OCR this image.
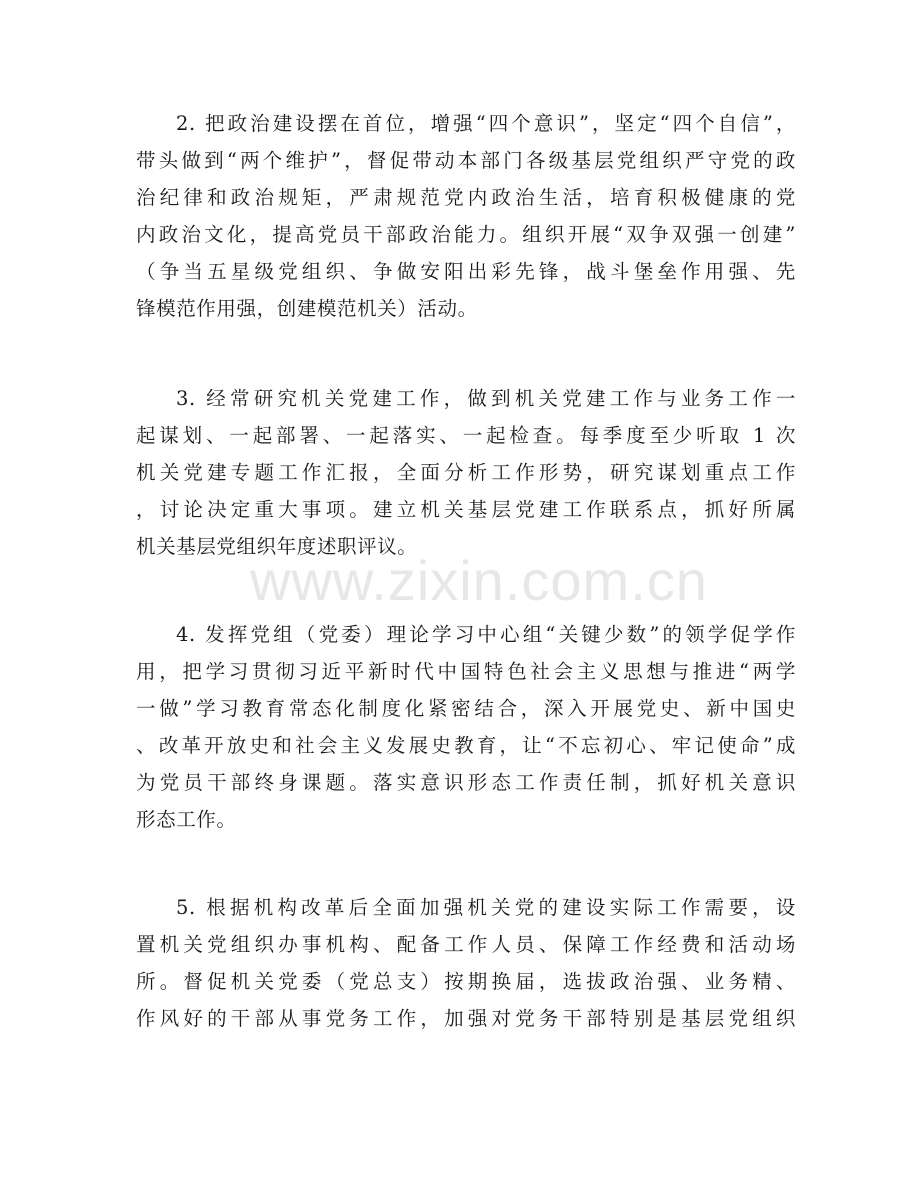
www.zixin.com.cn
2. 把政治建设摆在首位，增强“四个意识”，坚定“四个自信”，
带头做到“两个维护”，督促带动本部门各级基层党组织严守党的政
治纪律和政治规矩，严肃规范党内政治生活，培育积极健康的党
内政治文化，提高党员干部政治能力。组织开展“双争双强一创建”
（争当五星级党组织、争做安阳出彩先锋，战斗堡垒作用强、先
锋模范作用强，创建模范机关）活动。
3. 经常研究机关党建工作，做到机关党建工作与业务工作一
起谋划、一起部署、一起落实、一起检查。每季度至少听取 1 次
机关党建专题工作汇报，全面分析工作形势，研究谋划重点工作
，讨论决定重大事项。建立机关基层党建工作联系点，抓好所属
机关基层党组织年度述职评议。
4. 发挥党组（党委）理论学习中心组“关键少数”的领学促学作
用，把学习贯彻习近平新时代中国特色社会主义思想与推进“两学
一做”学习教育常态化制度化紧密结合，深入开展党史、新中国史
、改革开放史和社会主义发展史教育，让“不忘初心、牢记使命”成
为党员干部终身课题。落实意识形态工作责任制，抓好机关意识
形态工作。
5. 根据机构改革后全面加强机关党的建设实际工作需要，设
置机关党组织办事机构、配备工作人员、保障工作经费和活动场
所。督促机关党委（党总支）按期换届，选拔政治强、业务精、
作风好的干部从事党务工作，加强对党务干部特别是基层党组织
